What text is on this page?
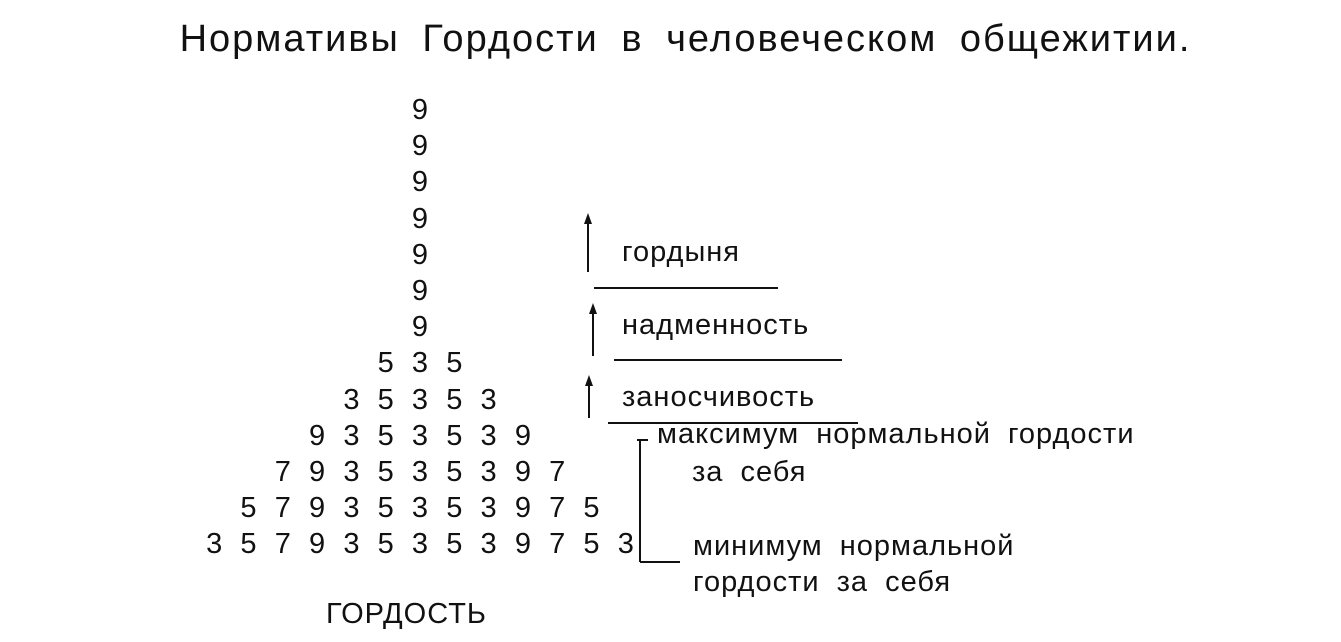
Нормативы Гордости в человеческом общежитии.
9
9
9
9
9
9
9
5 3 5
3 5 3 5 3
9 3 5 3 5 3 9
7 9 3 5 3 5 3 9 7
5 7 9 3 5 3 5 3 9 7 5
3 5 7 9 3 5 3 5 3 9 7 5 3
гордыня
надменность
заносчивость
максимум нормальной гордости
за себя
минимум нормальной
гордости за себя
ГОРДОСТЬ
